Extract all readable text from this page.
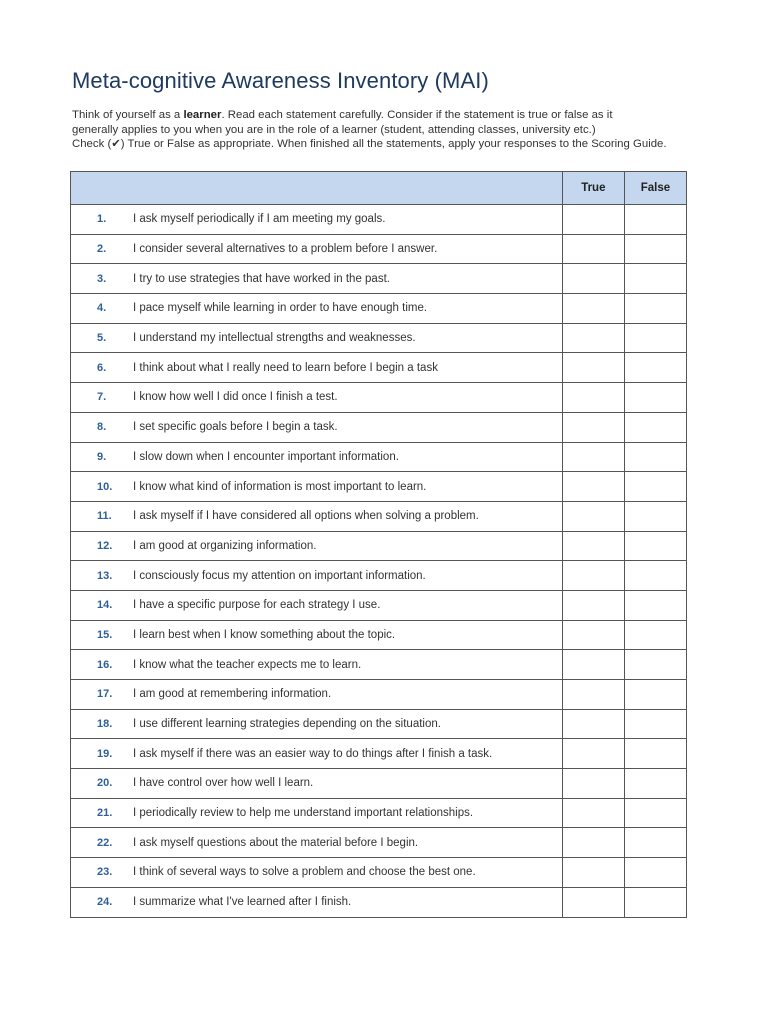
Meta-cognitive Awareness Inventory (MAI)

Think of yourself as a learner. Read each statement carefully. Consider if the statement is true or false as it

generally applies to you when you are in the role of a learner (student, attending classes, university etc.)

Check (✔) True or False as appropriate. When finished all the statements, apply your responses to the Scoring Guide.

	True	False
1. I ask myself periodically if I am meeting my goals.		
2. I consider several alternatives to a problem before I answer.		
3. I try to use strategies that have worked in the past.		
4. I pace myself while learning in order to have enough time.		
5. I understand my intellectual strengths and weaknesses.		
6. I think about what I really need to learn before I begin a task		
7. I know how well I did once I finish a test.		
8. I set specific goals before I begin a task.		
9. I slow down when I encounter important information.		
10. I know what kind of information is most important to learn.		
11. I ask myself if I have considered all options when solving a problem.		
12. I am good at organizing information.		
13. I consciously focus my attention on important information.		
14. I have a specific purpose for each strategy I use.		
15. I learn best when I know something about the topic.		
16. I know what the teacher expects me to learn.		
17. I am good at remembering information.		
18. I use different learning strategies depending on the situation.		
19. I ask myself if there was an easier way to do things after I finish a task.		
20. I have control over how well I learn.		
21. I periodically review to help me understand important relationships.		
22. I ask myself questions about the material before I begin.		
23. I think of several ways to solve a problem and choose the best one.		
24. I summarize what I've learned after I finish.		
